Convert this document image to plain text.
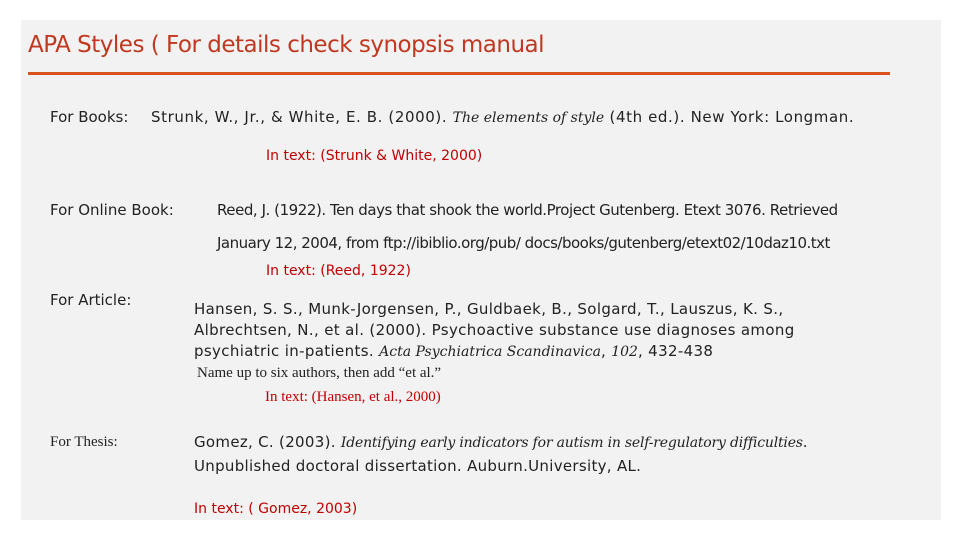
APA Styles ( For details check synopsis manual
For Books: Strunk, W., Jr., & White, E. B. (2000). The elements of style (4th ed.). New York: Longman.
In text: (Strunk & White, 2000)
For Online Book:	Reed, J. (1922). Ten days that shook the world.Project Gutenberg. Etext 3076. Retrieved
January 12, 2004, from ftp://ibiblio.org/pub/ docs/books/gutenberg/etext02/10daz10.txt
In text: (Reed, 1922)
For Article:	Hansen, S. S., Munk-Jorgensen, P., Guldbaek, B., Solgard, T., Lauszus, K. S.,
Albrechtsen, N., et al. (2000). Psychoactive substance use diagnoses among
psychiatric in-patients. Acta Psychiatrica Scandinavica, 102, 432-438
Name up to six authors, then add “et al.”
In text: (Hansen, et al., 2000)
For Thesis:	Gomez, C. (2003). Identifying early indicators for autism in self-regulatory difficulties.
Unpublished doctoral dissertation. Auburn.University, AL.
In text: ( Gomez, 2003)
